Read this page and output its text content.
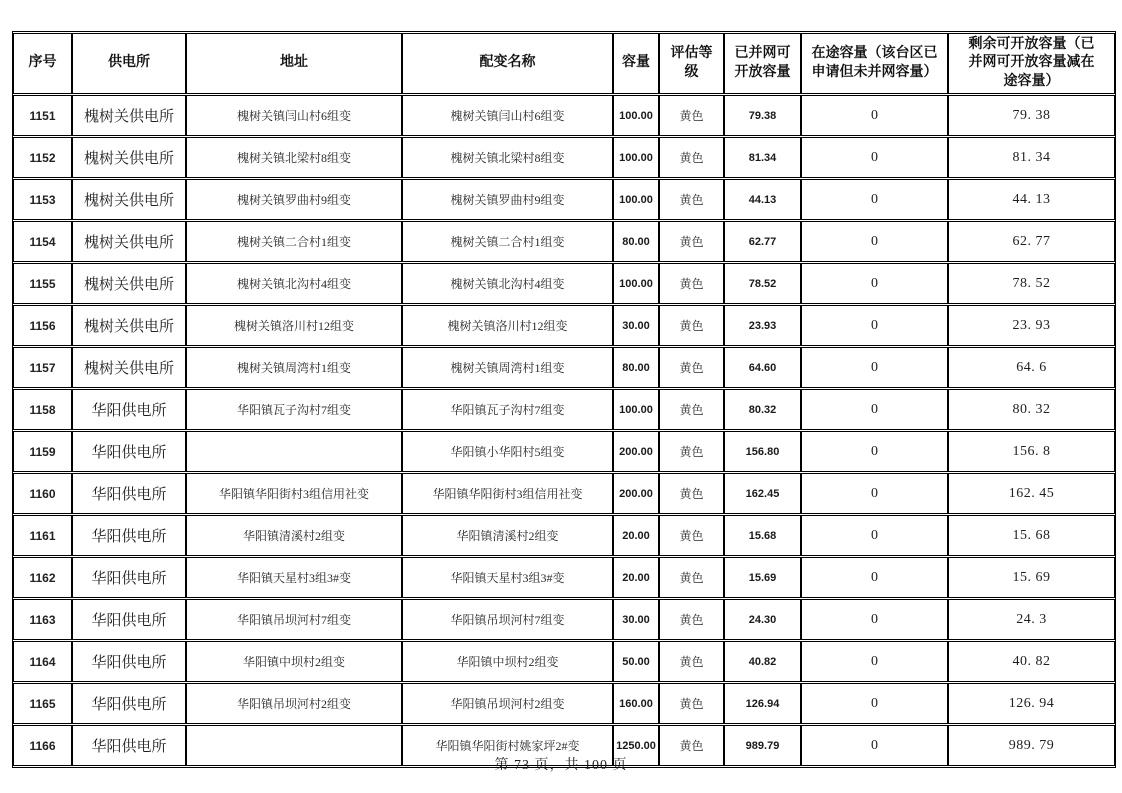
序号	供电所	地址	配变名称	容量	评估等级	已并网可开放容量	在途容量（该台区已申请但未并网容量）	剩余可开放容量（已并网可开放容量减在途容量）
1151	槐树关供电所	槐树关镇闫山村6组变	槐树关镇闫山村6组变	100.00	黄色	79.38	0	79. 38
1152	槐树关供电所	槐树关镇北梁村8组变	槐树关镇北梁村8组变	100.00	黄色	81.34	0	81. 34
1153	槐树关供电所	槐树关镇罗曲村9组变	槐树关镇罗曲村9组变	100.00	黄色	44.13	0	44. 13
1154	槐树关供电所	槐树关镇二合村1组变	槐树关镇二合村1组变	80.00	黄色	62.77	0	62. 77
1155	槐树关供电所	槐树关镇北沟村4组变	槐树关镇北沟村4组变	100.00	黄色	78.52	0	78. 52
1156	槐树关供电所	槐树关镇洛川村12组变	槐树关镇洛川村12组变	30.00	黄色	23.93	0	23. 93
1157	槐树关供电所	槐树关镇周湾村1组变	槐树关镇周湾村1组变	80.00	黄色	64.60	0	64. 6
1158	华阳供电所	华阳镇瓦子沟村7组变	华阳镇瓦子沟村7组变	100.00	黄色	80.32	0	80. 32
1159	华阳供电所		华阳镇小华阳村5组变	200.00	黄色	156.80	0	156. 8
1160	华阳供电所	华阳镇华阳街村3组信用社变	华阳镇华阳街村3组信用社变	200.00	黄色	162.45	0	162. 45
1161	华阳供电所	华阳镇清溪村2组变	华阳镇清溪村2组变	20.00	黄色	15.68	0	15. 68
1162	华阳供电所	华阳镇天星村3组3#变	华阳镇天星村3组3#变	20.00	黄色	15.69	0	15. 69
1163	华阳供电所	华阳镇吊坝河村7组变	华阳镇吊坝河村7组变	30.00	黄色	24.30	0	24. 3
1164	华阳供电所	华阳镇中坝村2组变	华阳镇中坝村2组变	50.00	黄色	40.82	0	40. 82
1165	华阳供电所	华阳镇吊坝河村2组变	华阳镇吊坝河村2组变	160.00	黄色	126.94	0	126. 94
1166	华阳供电所		华阳镇华阳街村姚家坪2#变	1250.00	黄色	989.79	0	989. 79
第 73 页，共 100 页
